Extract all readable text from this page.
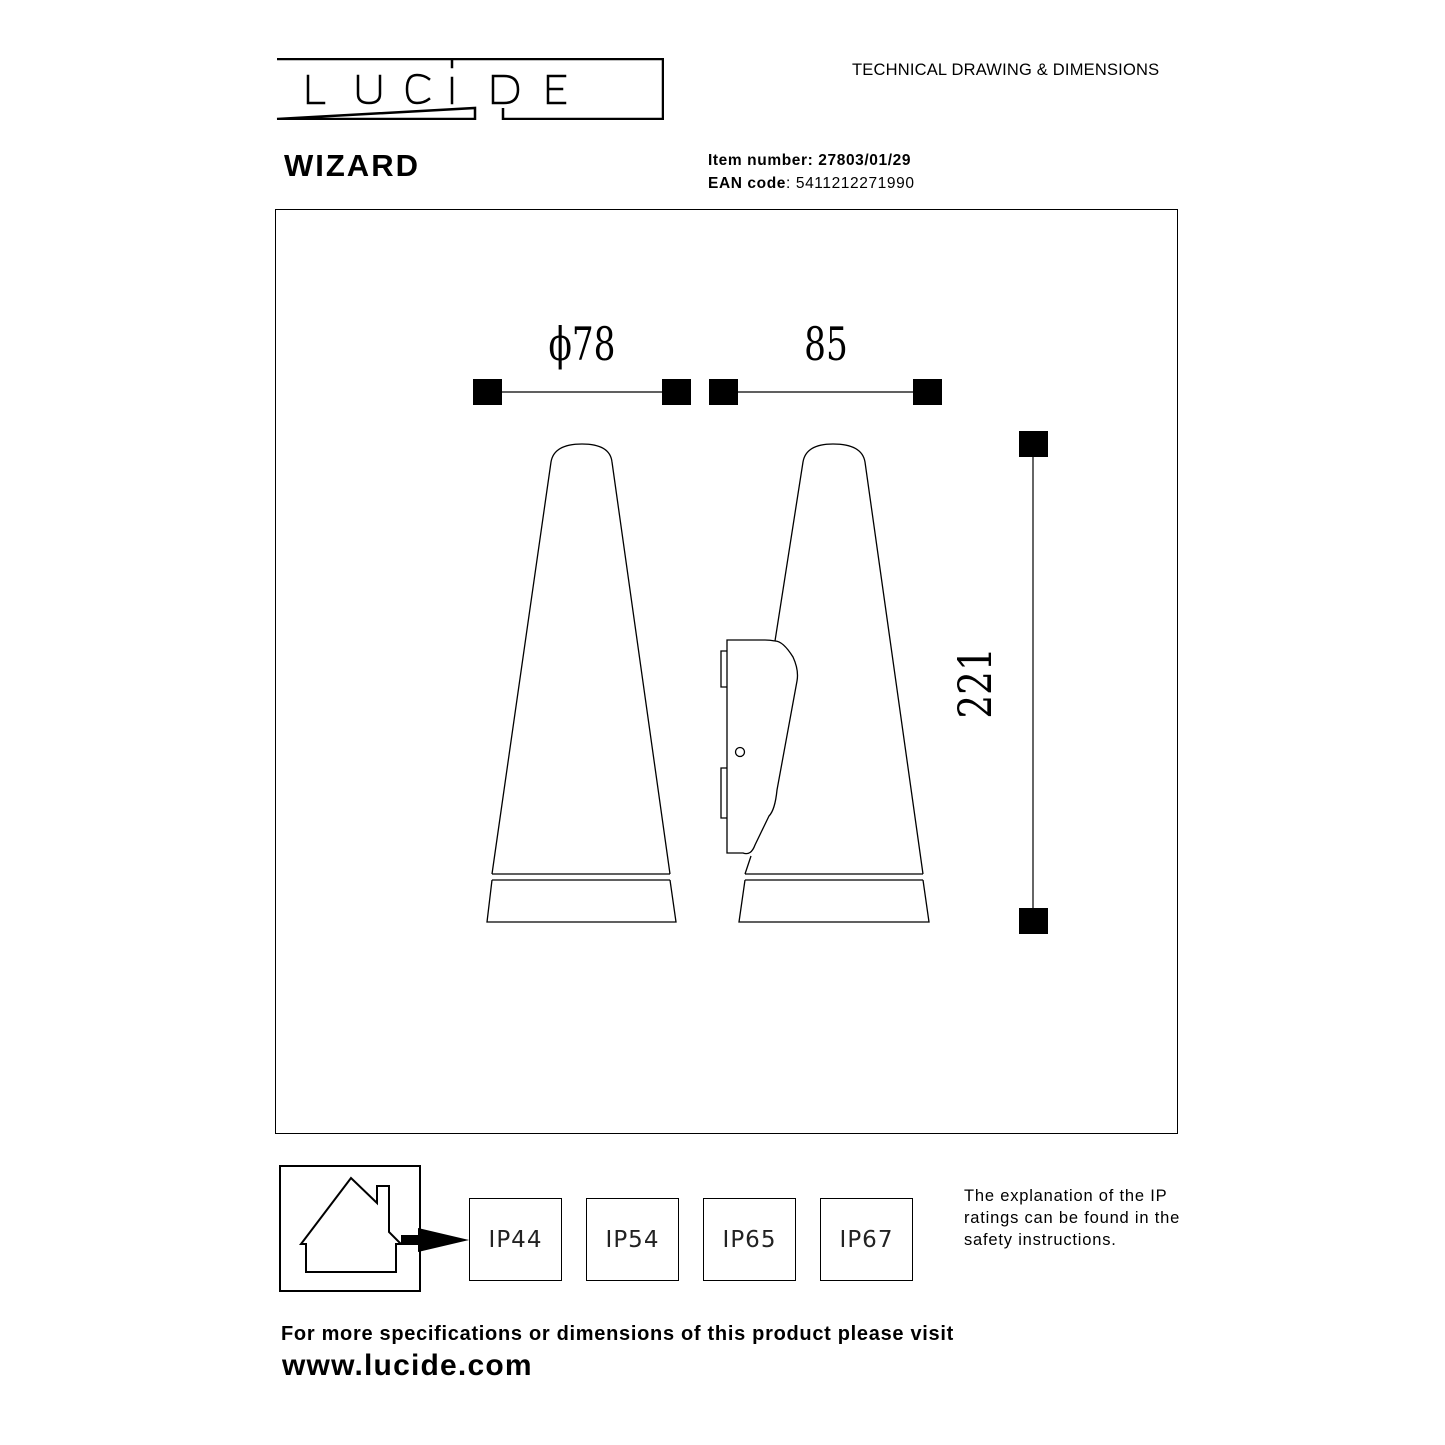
TECHNICAL DRAWING & DIMENSIONS
WIZARD	Item number: 27803/01/29
EAN code: 5411212271990
ϕ78	85
221
IP44	IP54	IP65	IP67
The explanation of the IP ratings can be found in the safety instructions.
For more specifications or dimensions of this product please visit
www.lucide.com
